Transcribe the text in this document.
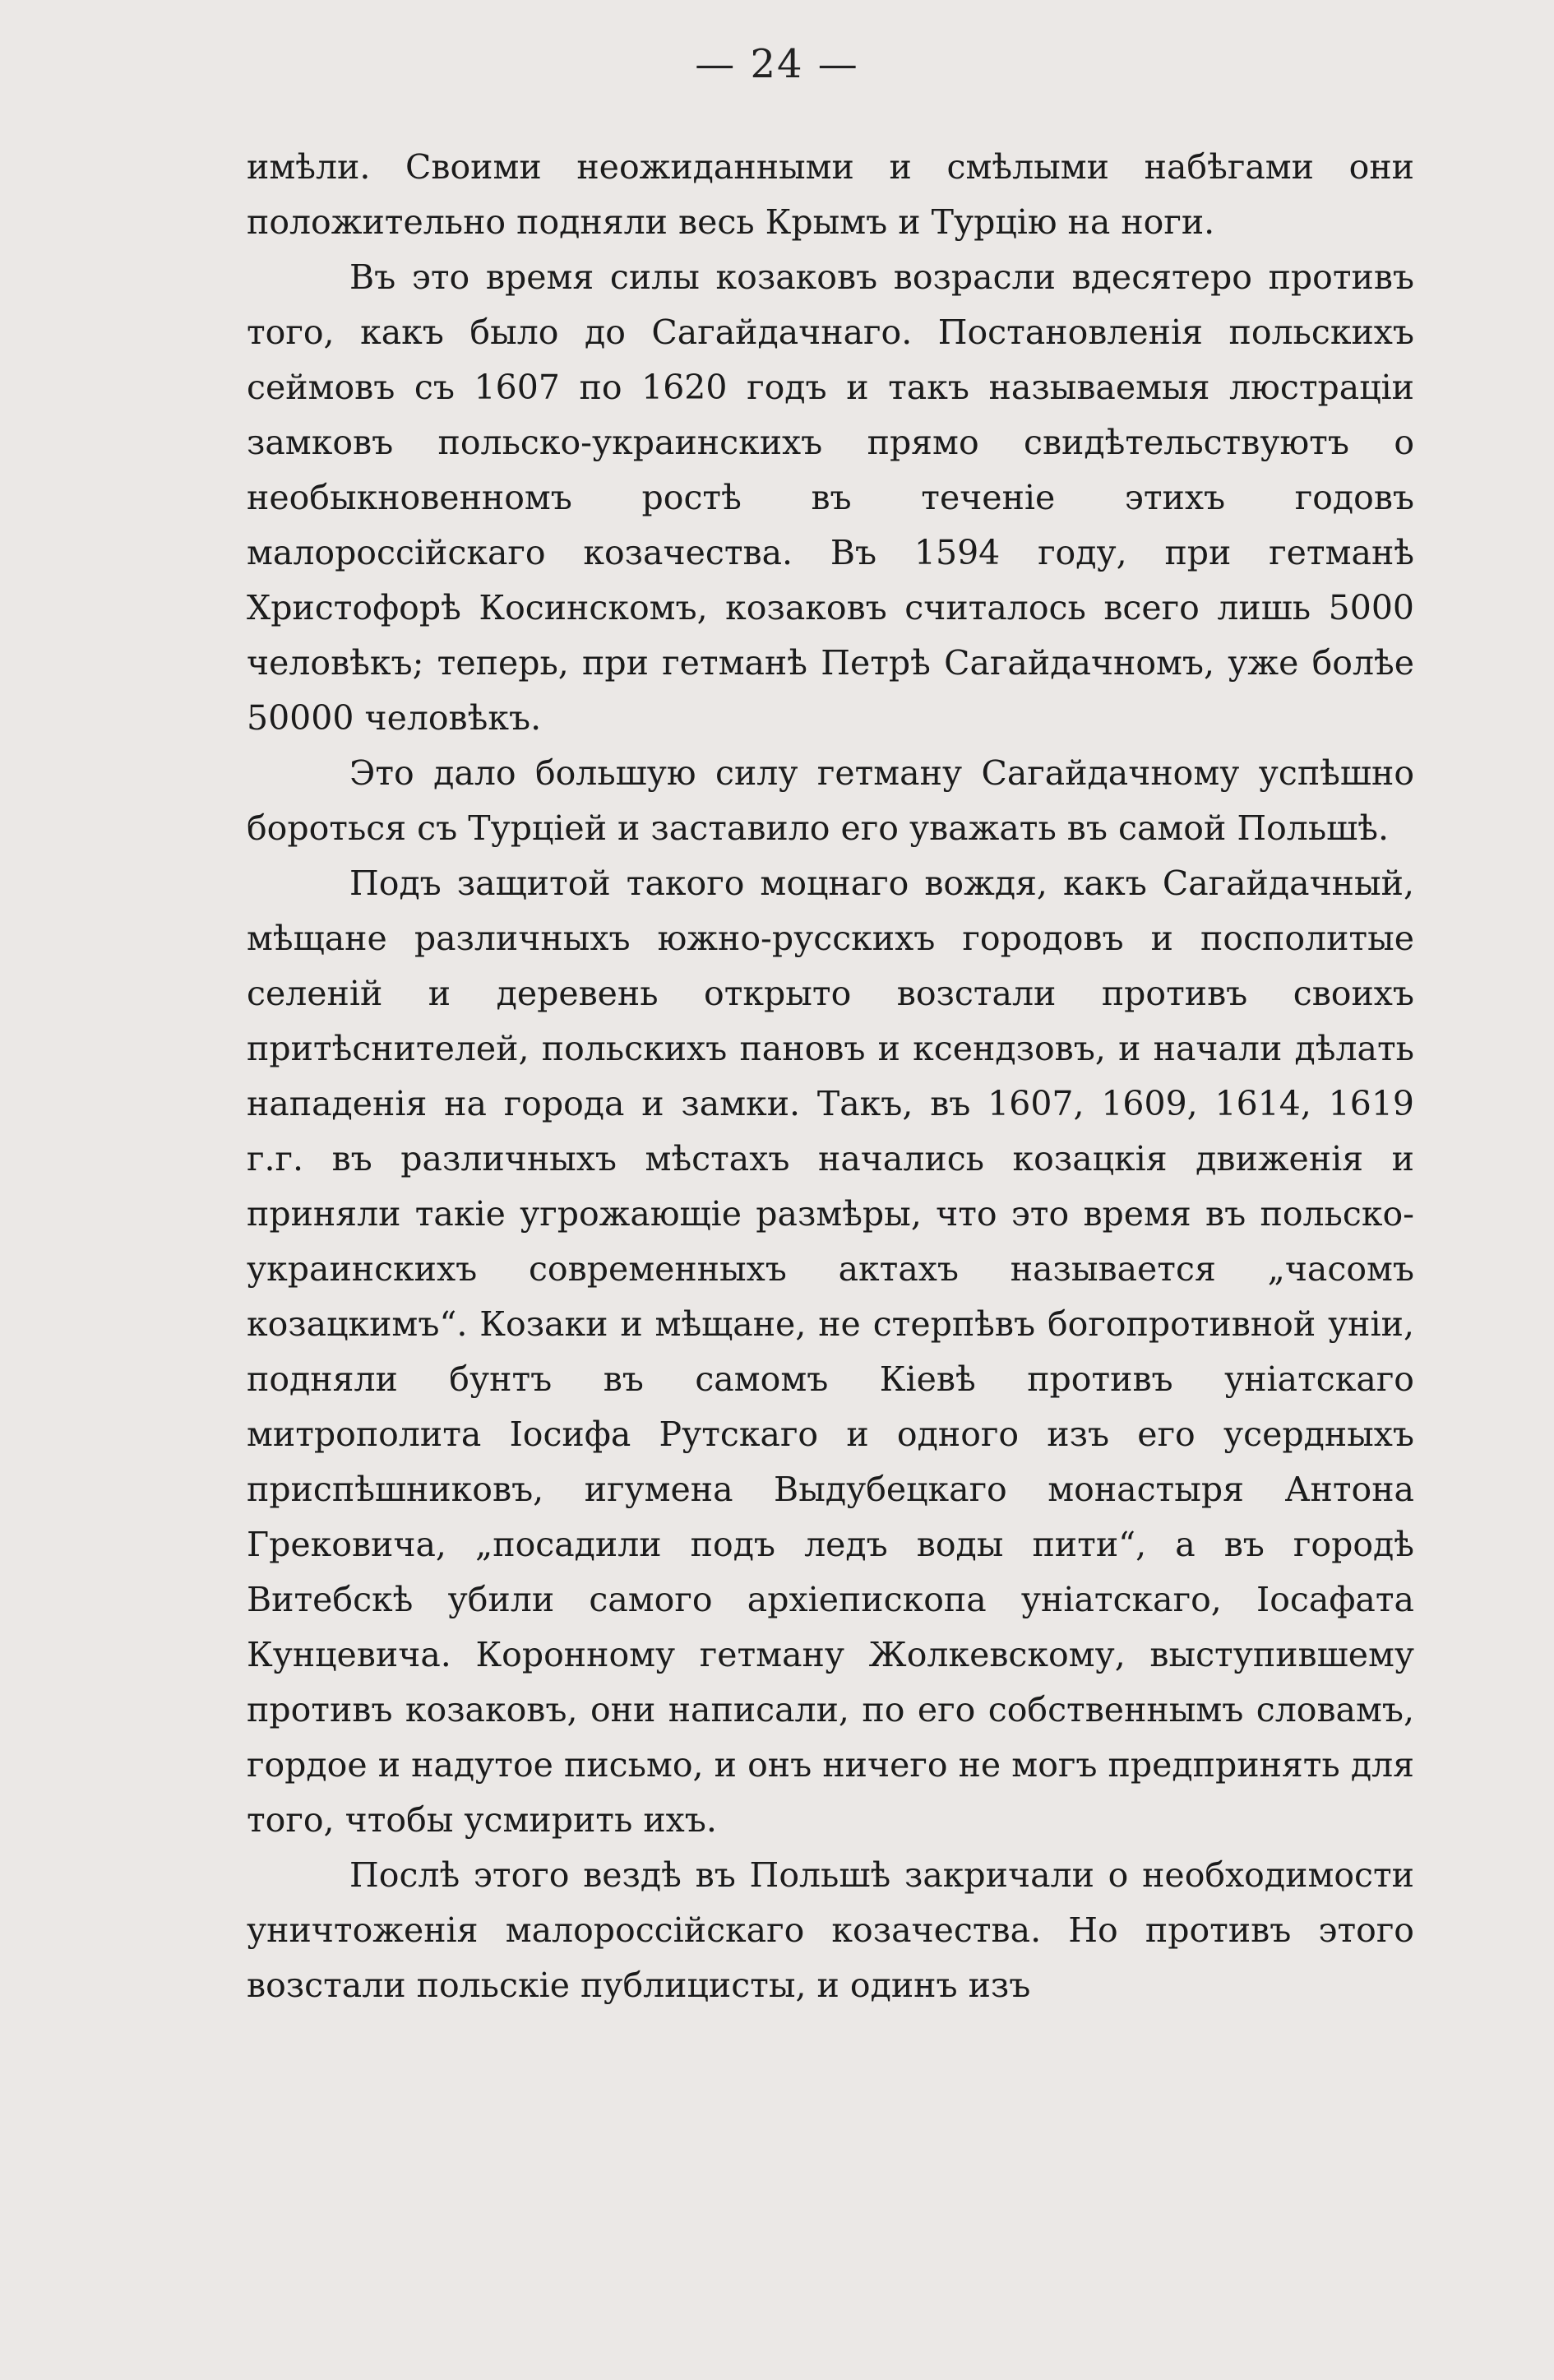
— 24 —

имѣли. Своими неожиданными и смѣлыми набѣгами они положительно подняли весь Крымъ и Турцію на ноги.

Въ это время силы козаковъ возрасли вдесятеро противъ того, какъ было до Сагайдачнаго. Постановленія польскихъ сеймовъ съ 1607 по 1620 годъ и такъ называемыя люстраціи замковъ польско-украинскихъ прямо свидѣтельствуютъ о необыкновенномъ ростѣ въ теченіе этихъ годовъ малороссійскаго козачества. Въ 1594 году, при гетманѣ Христофорѣ Косинскомъ, козаковъ считалось всего лишь 5000 человѣкъ; теперь, при гетманѣ Петрѣ Сагайдачномъ, уже болѣе 50000 человѣкъ.

Это дало большую силу гетману Сагайдачному успѣшно бороться съ Турціей и заставило его уважать въ самой Польшѣ.

Подъ защитой такого моцнаго вождя, какъ Сагайдачный, мѣщане различныхъ южно-русскихъ городовъ и посполитые селеній и деревень открыто возстали противъ своихъ притѣснителей, польскихъ пановъ и ксендзовъ, и начали дѣлать нападенія на города и замки. Такъ, въ 1607, 1609, 1614, 1619 г.г. въ различныхъ мѣстахъ начались козацкія движенія и приняли такіе угрожающіе размѣры, что это время въ польско-украинскихъ современныхъ актахъ называется „часомъ козацкимъ“. Козаки и мѣщане, не стерпѣвъ богопротивной уніи, подняли бунтъ въ самомъ Кіевѣ противъ уніатскаго митрополита Іосифа Рутскаго и одного изъ его усердныхъ приспѣшниковъ, игумена Выдубецкаго монастыря Антона Грековича, „посадили подъ ледъ воды пити“, а въ городѣ Витебскѣ убили самого архіепископа уніатскаго, Іосафата Кунцевича. Коронному гетману Жолкевскому, выступившему противъ козаковъ, они написали, по его собственнымъ словамъ, гордое и надутое письмо, и онъ ничего не могъ предпринять для того, чтобы усмирить ихъ.

Послѣ этого вездѣ въ Польшѣ закричали о необходимости уничтоженія малороссійскаго козачества. Но противъ этого возстали польскіе публицисты, и одинъ изъ
